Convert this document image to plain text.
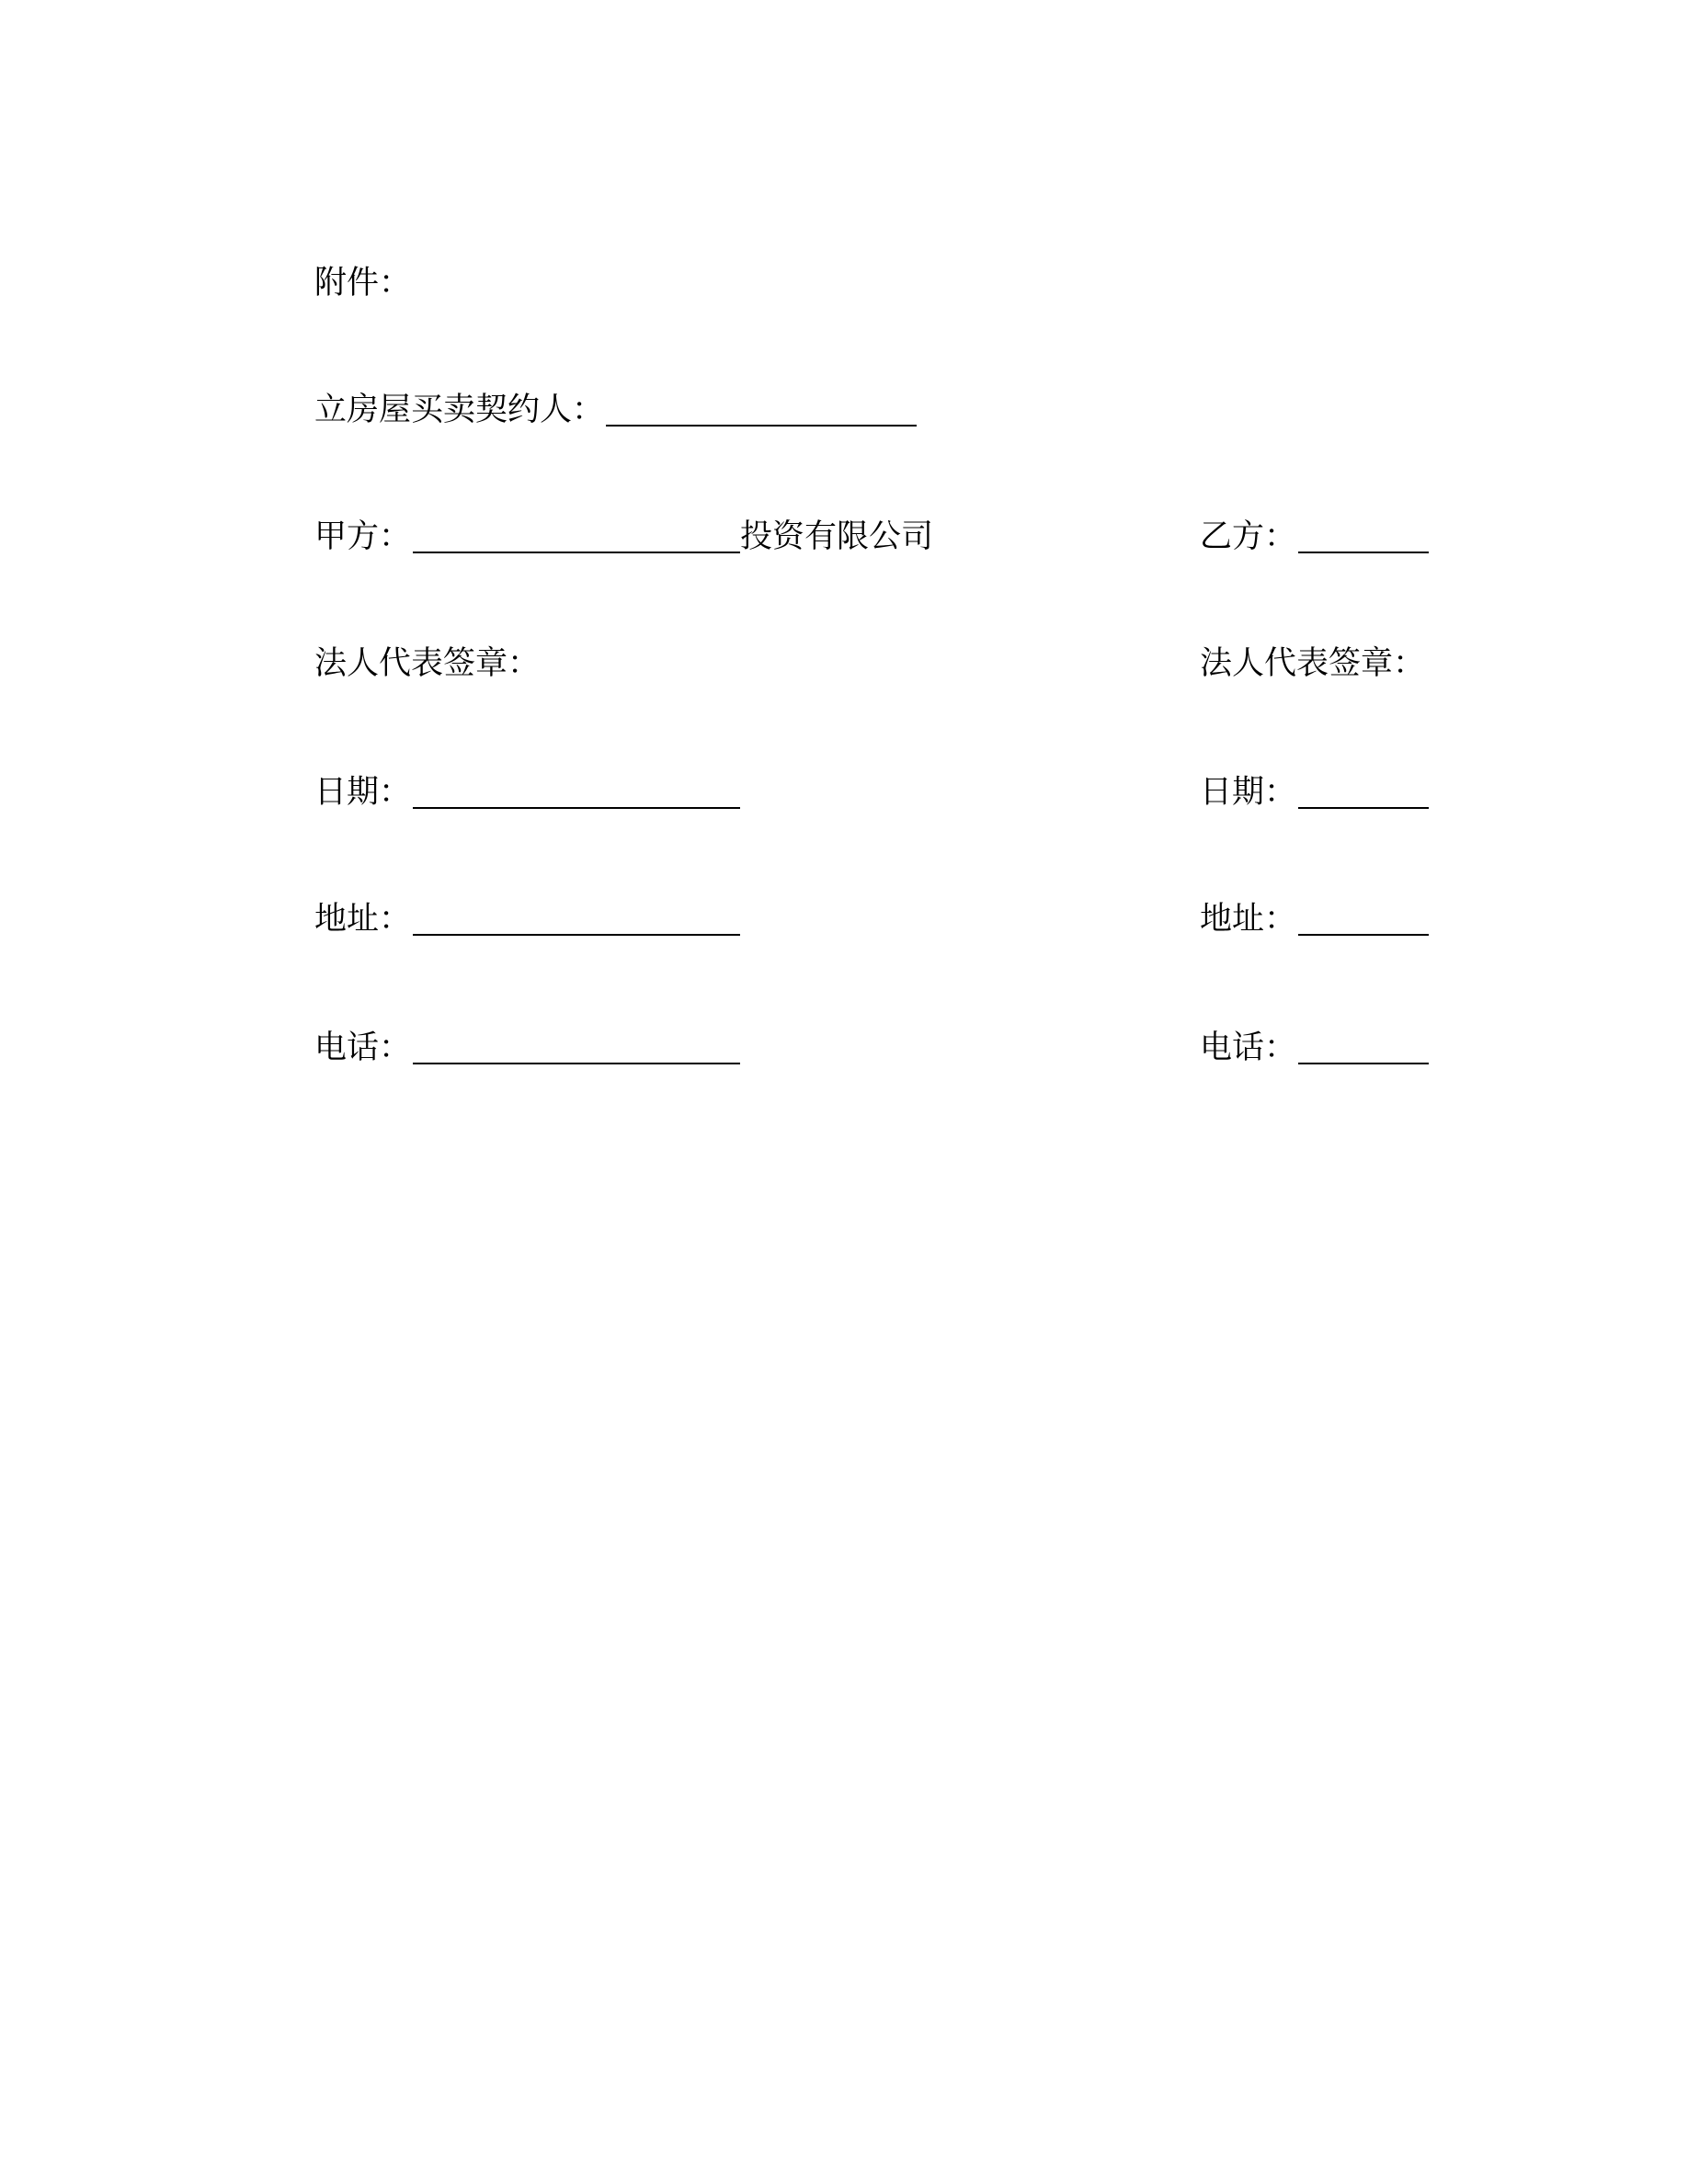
附件：
立房屋买卖契约人：
甲方：	投资有限公司
法人代表签章：
日期：
地址：
电话：
乙方：
法人代表签章：
日期：
地址：
电话：
